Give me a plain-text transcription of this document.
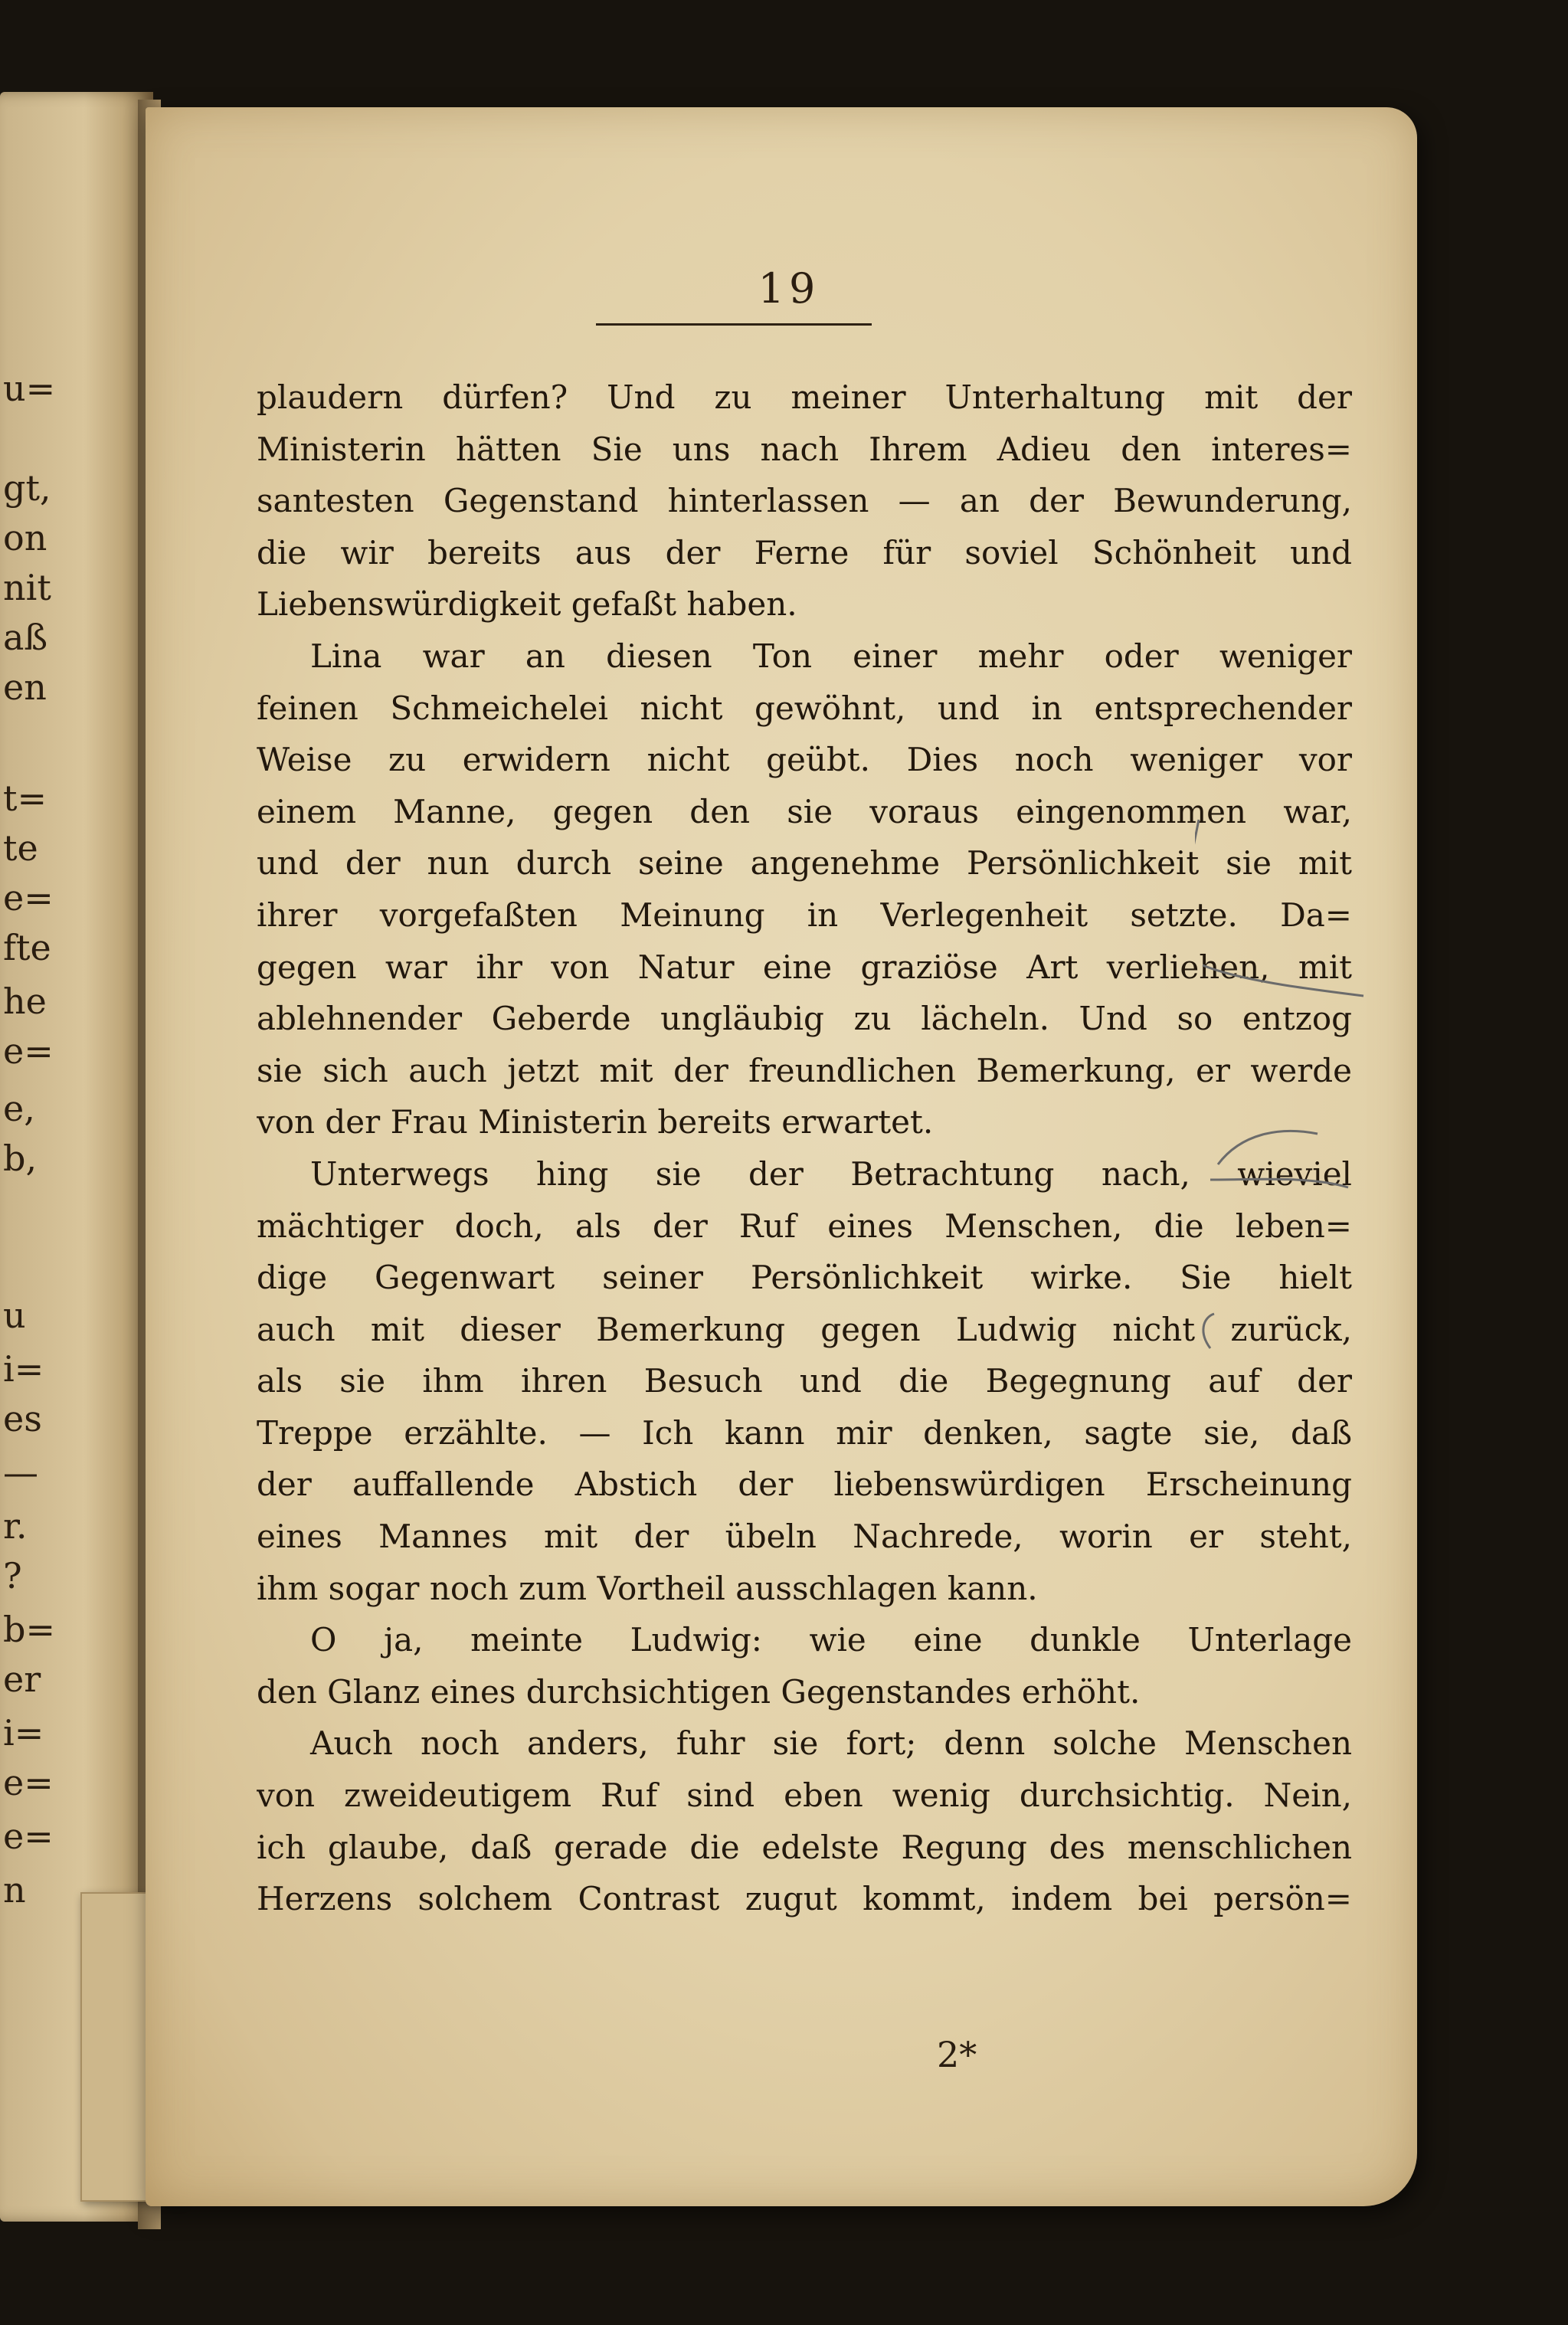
u=
gt,
on
nit
aß
en
t=
te
e=
fte
he
e=
e,
b,
u
i=
es
—
r.
?
b=
er
i=
e=
e=
n
19
plaudern dürfen? Und zu meiner Unterhaltung mit der
Ministerin hätten Sie uns nach Ihrem Adieu den interes=
santesten Gegenstand hinterlassen — an der Bewunderung,
die wir bereits aus der Ferne für soviel Schönheit und
Liebenswürdigkeit gefaßt haben.
Lina war an diesen Ton einer mehr oder weniger
feinen Schmeichelei nicht gewöhnt, und in entsprechender
Weise zu erwidern nicht geübt. Dies noch weniger vor
einem Manne, gegen den sie voraus eingenommen war,
und der nun durch seine angenehme Persönlichkeit sie mit
ihrer vorgefaßten Meinung in Verlegenheit setzte. Da=
gegen war ihr von Natur eine graziöse Art verliehen, mit
ablehnender Geberde ungläubig zu lächeln. Und so entzog
sie sich auch jetzt mit der freundlichen Bemerkung, er werde
von der Frau Ministerin bereits erwartet.
Unterwegs hing sie der Betrachtung nach, wieviel
mächtiger doch, als der Ruf eines Menschen, die leben=
dige Gegenwart seiner Persönlichkeit wirke. Sie hielt
auch mit dieser Bemerkung gegen Ludwig nicht zurück,
als sie ihm ihren Besuch und die Begegnung auf der
Treppe erzählte. — Ich kann mir denken, sagte sie, daß
der auffallende Abstich der liebenswürdigen Erscheinung
eines Mannes mit der übeln Nachrede, worin er steht,
ihm sogar noch zum Vortheil ausschlagen kann.
O ja, meinte Ludwig: wie eine dunkle Unterlage
den Glanz eines durchsichtigen Gegenstandes erhöht.
Auch noch anders, fuhr sie fort; denn solche Menschen
von zweideutigem Ruf sind eben wenig durchsichtig. Nein,
ich glaube, daß gerade die edelste Regung des menschlichen
Herzens solchem Contrast zugut kommt, indem bei persön=
2*
